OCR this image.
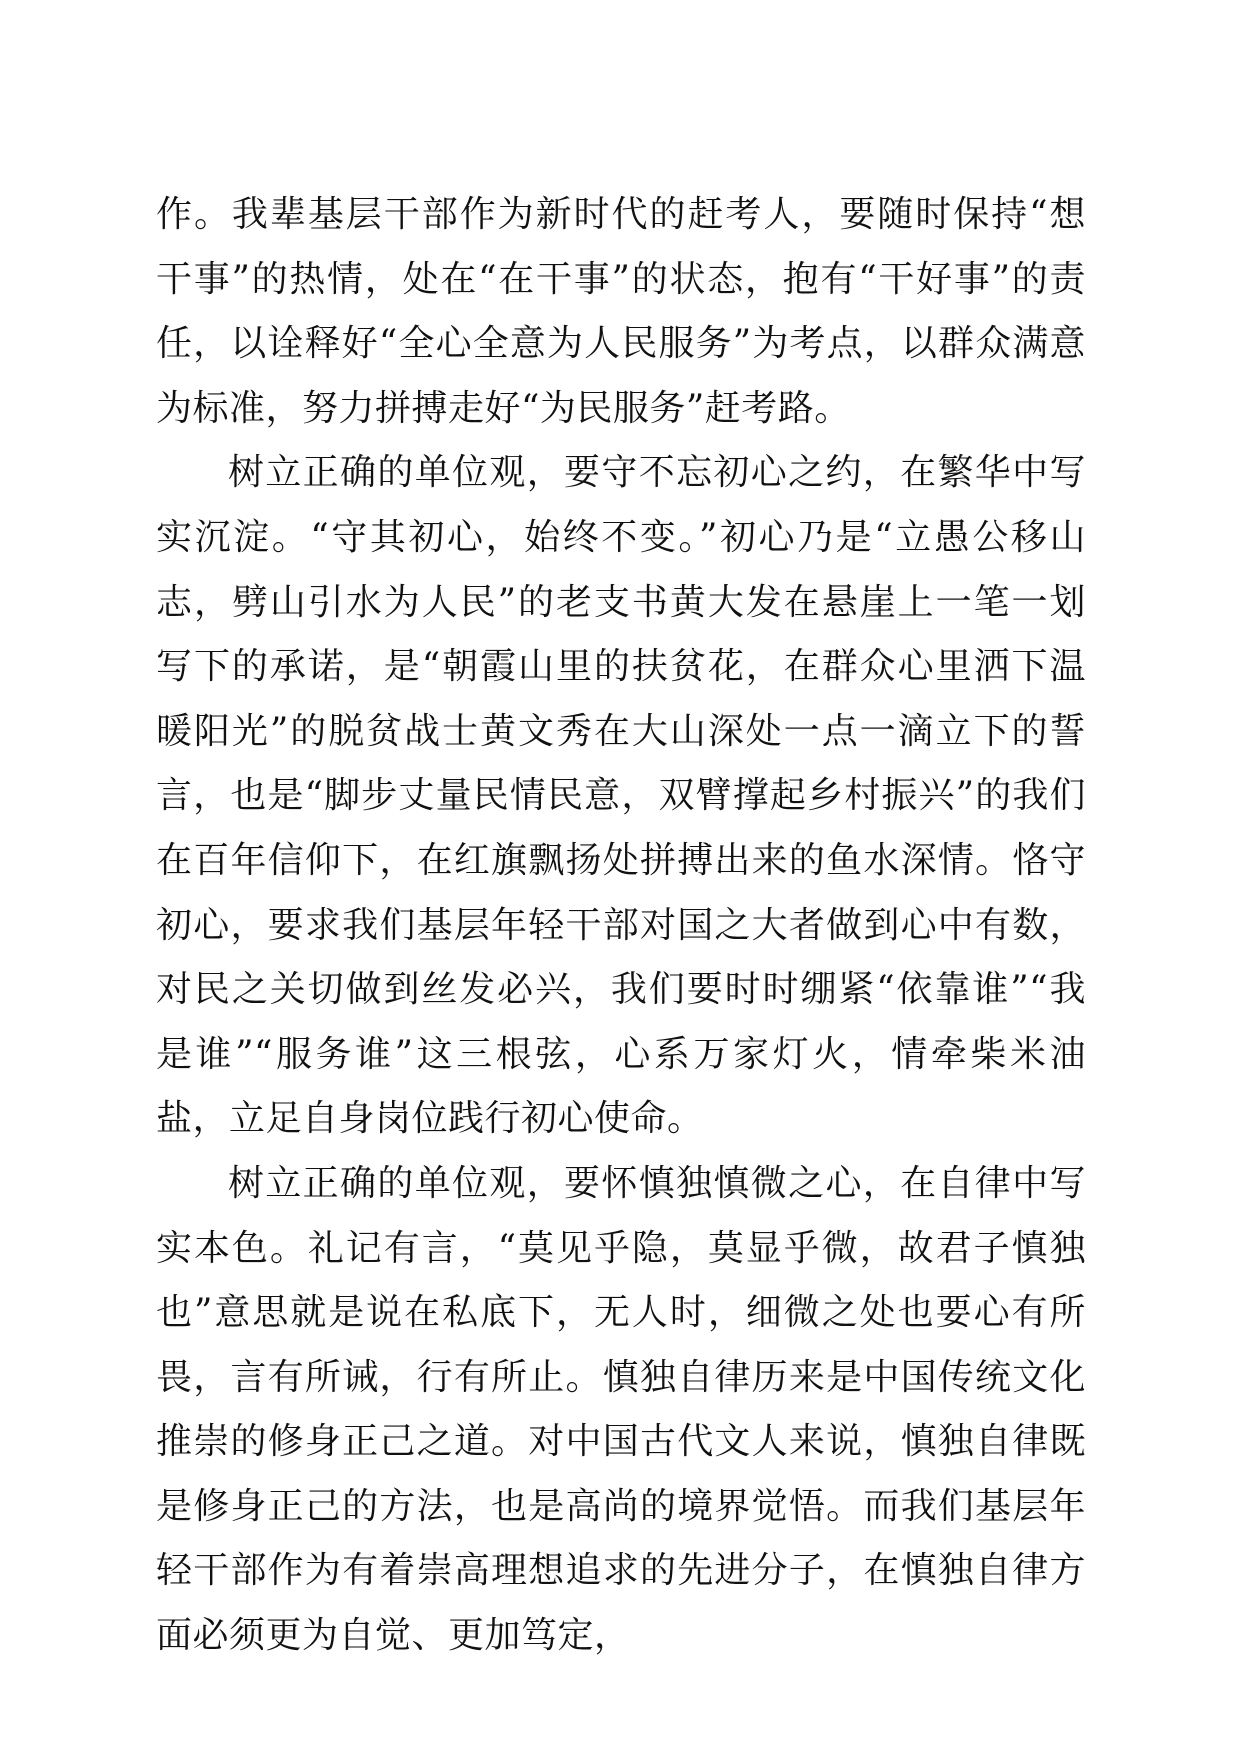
作。我辈基层干部作为新时代的赶考人，要随时保持“想干事”的热情，处在“在干事”的状态，抱有“干好事”的责任，以诠释好“全心全意为人民服务”为考点，以群众满意为标准，努力拼搏走好“为民服务”赶考路。

树立正确的单位观，要守不忘初心之约，在繁华中写实沉淀。“守其初心，始终不变。”初心乃是“立愚公移山志，劈山引水为人民”的老支书黄大发在悬崖上一笔一划写下的承诺，是“朝霞山里的扶贫花，在群众心里洒下温暖阳光”的脱贫战士黄文秀在大山深处一点一滴立下的誓言，也是“脚步丈量民情民意，双臂撑起乡村振兴”的我们在百年信仰下，在红旗飘扬处拼搏出来的鱼水深情。恪守初心，要求我们基层年轻干部对国之大者做到心中有数，对民之关切做到丝发必兴，我们要时时绷紧“依靠谁”“我是谁”“服务谁”这三根弦，心系万家灯火，情牵柴米油盐，立足自身岗位践行初心使命。

树立正确的单位观，要怀慎独慎微之心，在自律中写实本色。礼记有言，“莫见乎隐，莫显乎微，故君子慎独也”意思就是说在私底下，无人时，细微之处也要心有所畏，言有所诫，行有所止。慎独自律历来是中国传统文化推崇的修身正己之道。对中国古代文人来说，慎独自律既是修身正己的方法，也是高尚的境界觉悟。而我们基层年轻干部作为有着崇高理想追求的先进分子，在慎独自律方面必须更为自觉、更加笃定，
